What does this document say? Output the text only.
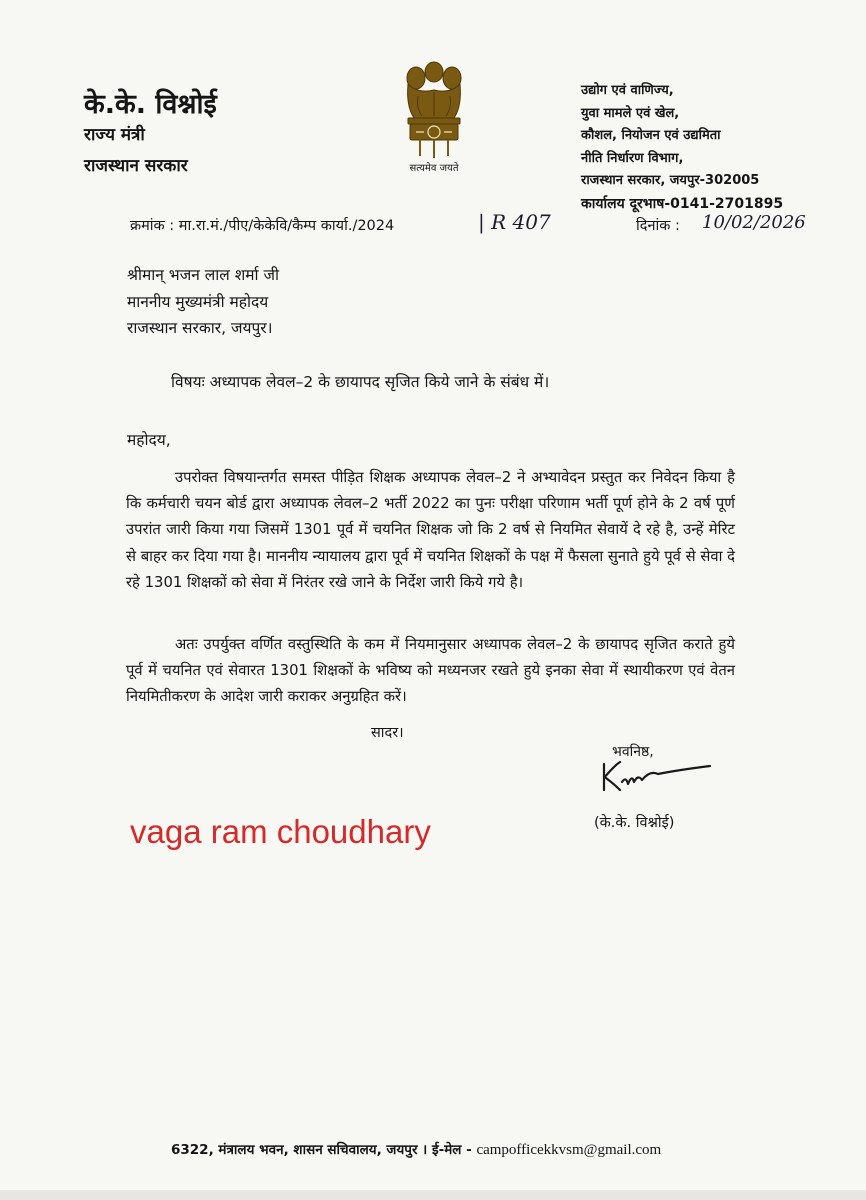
के.के. विश्नोई
राज्य मंत्री
राजस्थान सरकार	सत्यमेव जयते
उद्योग एवं वाणिज्य,
युवा मामले एवं खेल,
कौशल, नियोजन एवं उद्यमिता
नीति निर्धारण विभाग,
राजस्थान सरकार, जयपुर-302005
कार्यालय दूरभाष-0141-2701895
क्रमांक : मा.रा.मं./पीए/केकेवि/कैम्प कार्या./2024	| R 407	दिनांक : 10/02/2026
श्रीमान् भजन लाल शर्मा जी
माननीय मुख्यमंत्री महोदय
राजस्थान सरकार, जयपुर।
विषयः अध्यापक लेवल–2 के छायापद सृजित किये जाने के संबंध में।
महोदय,
उपरोक्त विषयान्तर्गत समस्त पीड़ित शिक्षक अध्यापक लेवल–2 ने अभ्यावेदन प्रस्तुत कर निवेदन किया है कि कर्मचारी चयन बोर्ड द्वारा अध्यापक लेवल–2 भर्ती 2022 का पुनः परीक्षा परिणाम भर्ती पूर्ण होने के 2 वर्ष पूर्ण उपरांत जारी किया गया जिसमें 1301 पूर्व में चयनित शिक्षक जो कि 2 वर्ष से नियमित सेवायें दे रहे है, उन्हें मेरिट से बाहर कर दिया गया है। माननीय न्यायालय द्वारा पूर्व में चयनित शिक्षकों के पक्ष में फैसला सुनाते हुये पूर्व से सेवा दे रहे 1301 शिक्षकों को सेवा में निरंतर रखे जाने के निर्देश जारी किये गये है।
अतः उपर्युक्त वर्णित वस्तुस्थिति के कम में नियमानुसार अध्यापक लेवल–2 के छायापद सृजित कराते हुये पूर्व में चयनित एवं सेवारत 1301 शिक्षकों के भविष्य को मध्यनजर रखते हुये इनका सेवा में स्थायीकरण एवं वेतन नियमितीकरण के आदेश जारी कराकर अनुग्रहित करें।
सादर।
भवनिष्ठ,
(के.के. विश्नोई)
vaga ram choudhary
6322, मंत्रालय भवन, शासन सचिवालय, जयपुर । ई-मेल - campofficekkvsm@gmail.com
